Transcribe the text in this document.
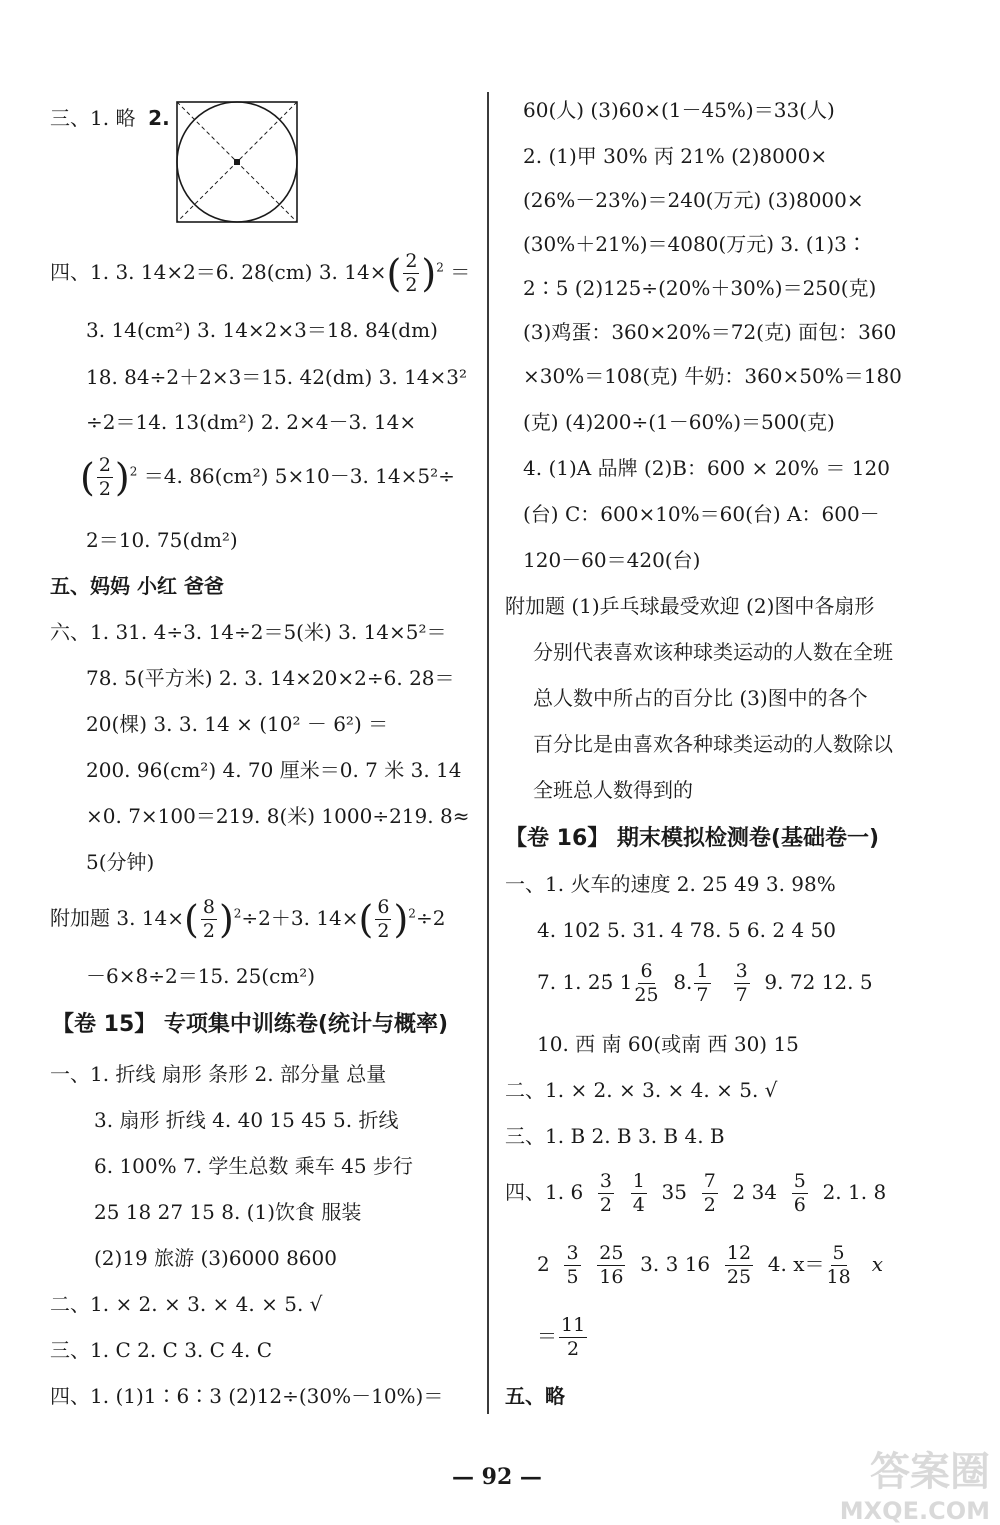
三、1. 略 2.
四、1. 3. 14×2＝6. 28(cm) 3. $14\times( \frac{2}{2} )^2$ ＝
3. 14(cm²) 3. 14×2×3＝18. 84(dm)
18. 84÷2＋2×3＝15. 42(dm) 3. 14×3²
÷2＝14. 13(dm²) 2. 2×4－3. 14×
( $\frac{2}{2} )^2 =4$. 86(cm²) 5×10－3. 14×5²÷
2＝10. 75(dm²)
五、妈妈 小红 爸爸
六、1. 31. 4÷3. 14÷2＝5(米) 3. 14×5²＝
78. 5(平方米) 2. 3. 14×20×2÷6. 28＝
20(棵) 3. 3. 14 × (10² － 6²) ＝
200. 96(cm²) 4. 70 厘米＝0. 7 米 3. 14
×0. 7×100＝219. 8(米) 1000÷219. 8≈
5(分钟)
附加题 3. $14\times( \frac{8}{2} )^2\div 2+3$. $14\times( \frac{6}{2} )^2\div 2$
－6×8÷2＝15. 25(cm²)
【卷 15】 专项集中训练卷(统计与概率)
一、1. 折线 扇形 条形 2. 部分量 总量
3. 扇形 折线 4. 40 15 45 5. 折线
6. 100% 7. 学生总数 乘车 45 步行
25 18 27 15 8. (1)饮食 服装
(2)19 旅游 (3)6000 8600
二、1. × 2. × 3. × 4. × 5. √
三、1. C 2. C 3. C 4. C
四、1. (1)1∶6∶3 (2)12÷(30%－10%)＝
60(人) (3)60×(1－45%)＝33(人)
2. (1)甲 30% 丙 21% (2)8000×
(26%－23%)＝240(万元) (3)8000×
(30%＋21%)＝4080(万元) 3. (1)3∶
2∶5 (2)125÷(20%＋30%)＝250(克)
(3)鸡蛋：360×20%＝72(克) 面包：360
×30%＝108(克) 牛奶：360×50%＝180
(克) (4)200÷(1－60%)＝500(克)
4. (1)A 品牌 (2)B：600 × 20% ＝ 120
(台) C：600×10%＝60(台) A：600－
120－60＝420(台)
附加题 (1)乒乓球最受欢迎 (2)图中各扇形
分别代表喜欢该种球类运动的人数在全班
总人数中所占的百分比 (3)图中的各个
百分比是由喜欢各种球类运动的人数除以
全班总人数得到的
【卷 16】 期末模拟检测卷(基础卷一)
一、1. 火车的速度 2. 25 49 3. 98%
4. 102 5. 31. 4 78. 5 6. 2 4 50
7. 1. 25̇ $1 \frac{6}{25} 8$. $\frac{1}{7}$
$\frac{3}{7} 9$. 72 12. 5
10. 西 南 60(或南 西 30) 15
二、1. × 2. × 3. × 4. × 5. √
三、1. B 2. B 3. B 4. B
四、1. $6 \frac{3}{2}$
$\frac{1}{4} 35 \frac{7}{2} 2$ $34 \frac{5}{6} 2$. 1. 8
$2 \frac{3}{5}$
$\frac{25}{16} 3$. 3 $16 \frac{12}{25} 4$. $x= \frac{5}{18}$ x
＝ $\frac{11}{2}$
五、略
— 92 —	答案圈
MXQE.COM
